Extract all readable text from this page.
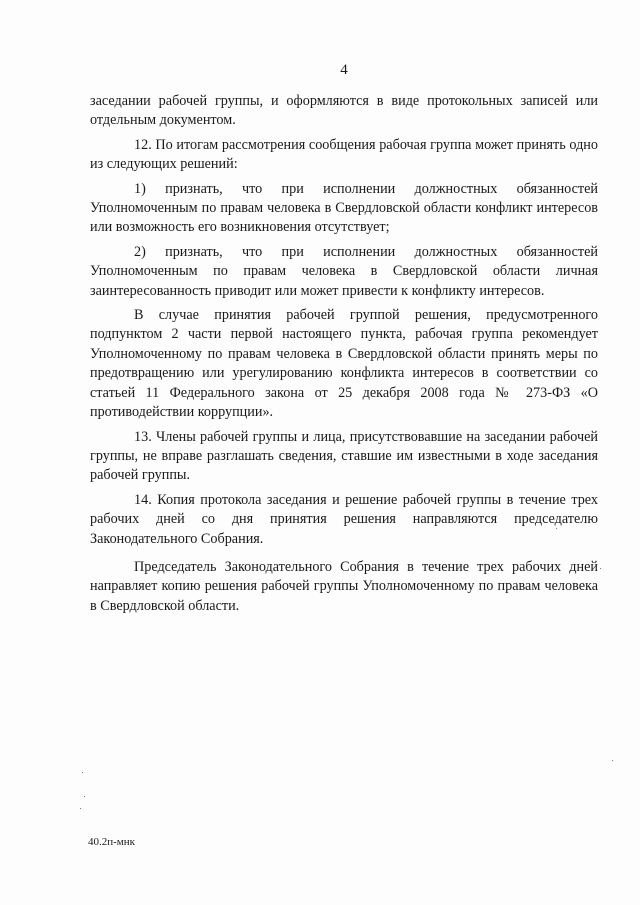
4

заседании рабочей группы, и оформляются в виде протокольных записей или отдельным документом.

12. По итогам рассмотрения сообщения рабочая группа может принять одно из следующих решений:

1) признать, что при исполнении должностных обязанностей Уполномоченным по правам человека в Свердловской области конфликт интересов или возможность его возникновения отсутствует;

2) признать, что при исполнении должностных обязанностей Уполномоченным по правам человека в Свердловской области личная заинтересованность приводит или может привести к конфликту интересов.

В случае принятия рабочей группой решения, предусмотренного подпунктом 2 части первой настоящего пункта, рабочая группа рекомендует Уполномоченному по правам человека в Свердловской области принять меры по предотвращению или урегулированию конфликта интересов в соответствии со статьей 11 Федерального закона от 25 декабря 2008 года № 273-ФЗ «О противодействии коррупции».

13. Члены рабочей группы и лица, присутствовавшие на заседании рабочей группы, не вправе разглашать сведения, ставшие им известными в ходе заседания рабочей группы.

14. Копия протокола заседания и решение рабочей группы в течение трех рабочих дней со дня принятия решения направляются председателю Законодательного Собрания.

Председатель Законодательного Собрания в течение трех рабочих дней направляет копию решения рабочей группы Уполномоченному по правам человека в Свердловской области.

40.2п-мнк
